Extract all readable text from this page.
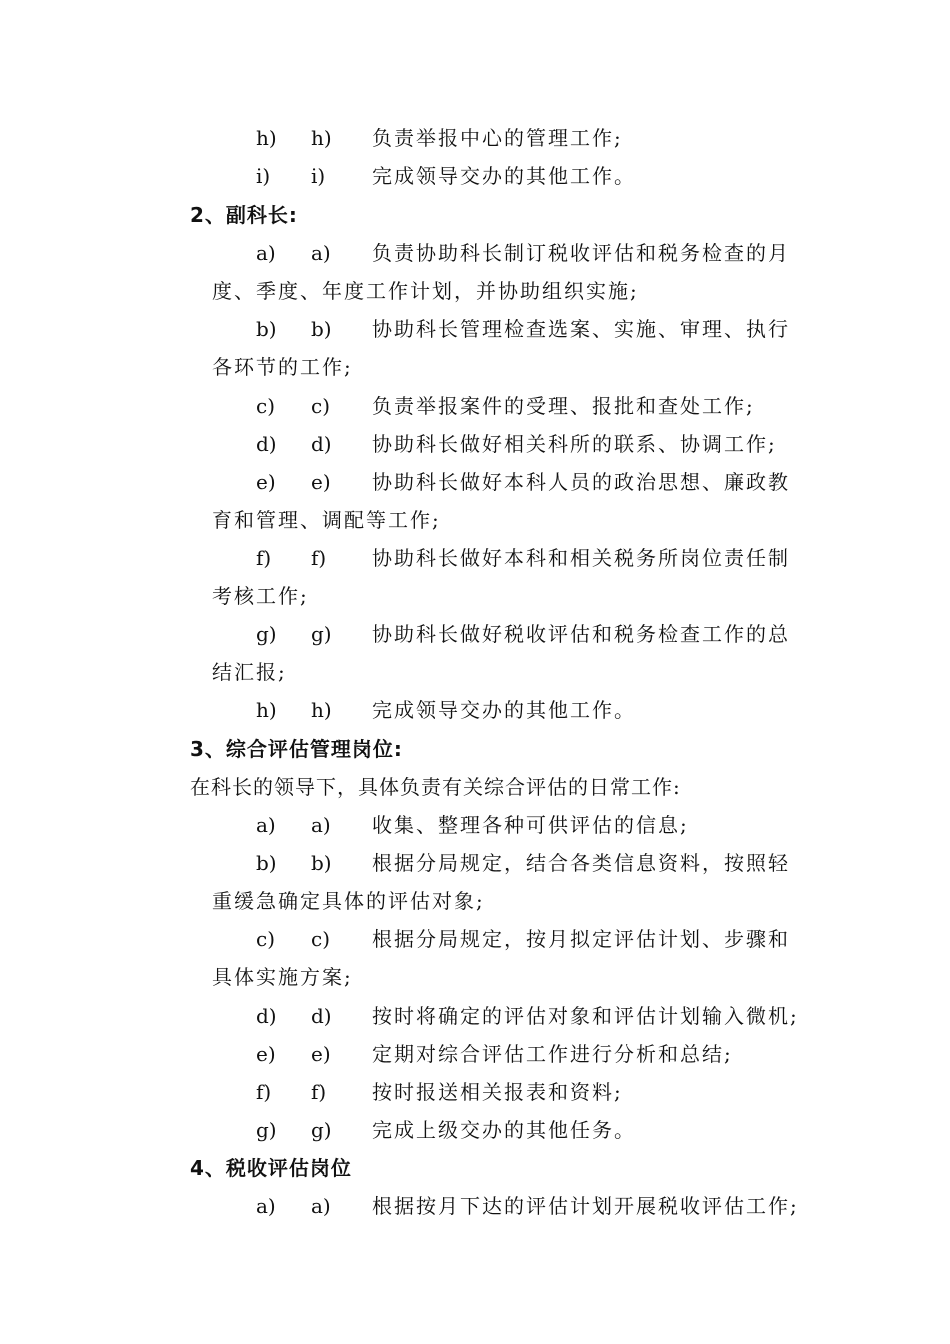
h) h) 负责举报中心的管理工作;
i) i) 完成领导交办的其他工作。
2、副科长:
a) a) 负责协助科长制订税收评估和税务检查的月
度、季度、年度工作计划，并协助组织实施;
b) b) 协助科长管理检查选案、实施、审理、执行
各环节的工作;
c) c) 负责举报案件的受理、报批和查处工作;
d) d) 协助科长做好相关科所的联系、协调工作;
e) e) 协助科长做好本科人员的政治思想、廉政教
育和管理、调配等工作;
f) f) 协助科长做好本科和相关税务所岗位责任制
考核工作;
g) g) 协助科长做好税收评估和税务检查工作的总
结汇报;
h) h) 完成领导交办的其他工作。
3、综合评估管理岗位:
在科长的领导下，具体负责有关综合评估的日常工作:
a) a) 收集、整理各种可供评估的信息;
b) b) 根据分局规定，结合各类信息资料，按照轻
重缓急确定具体的评估对象;
c) c) 根据分局规定，按月拟定评估计划、步骤和
具体实施方案;
d) d) 按时将确定的评估对象和评估计划输入微机;
e) e) 定期对综合评估工作进行分析和总结;
f) f) 按时报送相关报表和资料;
g) g) 完成上级交办的其他任务。
4、税收评估岗位
a) a) 根据按月下达的评估计划开展税收评估工作;
